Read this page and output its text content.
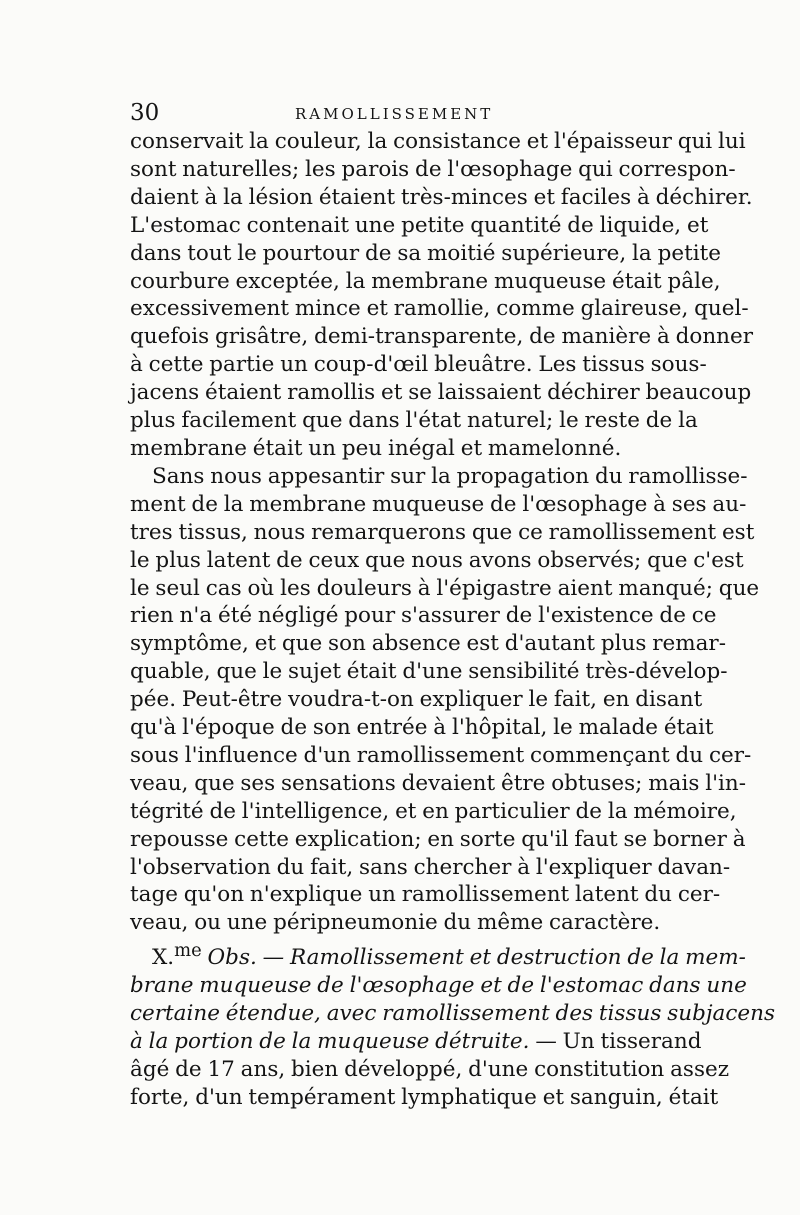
30	RAMOLLISSEMENT
conservait la couleur, la consistance et l'épaisseur qui lui
sont naturelles; les parois de l'œsophage qui correspon-
daient à la lésion étaient très-minces et faciles à déchirer.
L'estomac contenait une petite quantité de liquide, et
dans tout le pourtour de sa moitié supérieure, la petite
courbure exceptée, la membrane muqueuse était pâle,
excessivement mince et ramollie, comme glaireuse, quel-
quefois grisâtre, demi-transparente, de manière à donner
à cette partie un coup-d'œil bleuâtre. Les tissus sous-
jacens étaient ramollis et se laissaient déchirer beaucoup
plus facilement que dans l'état naturel; le reste de la
membrane était un peu inégal et mamelonné.
Sans nous appesantir sur la propagation du ramollisse-
ment de la membrane muqueuse de l'œsophage à ses au-
tres tissus, nous remarquerons que ce ramollissement est
le plus latent de ceux que nous avons observés; que c'est
le seul cas où les douleurs à l'épigastre aient manqué; que
rien n'a été négligé pour s'assurer de l'existence de ce
symptôme, et que son absence est d'autant plus remar-
quable, que le sujet était d'une sensibilité très-dévelop-
pée. Peut-être voudra-t-on expliquer le fait, en disant
qu'à l'époque de son entrée à l'hôpital, le malade était
sous l'influence d'un ramollissement commençant du cer-
veau, que ses sensations devaient être obtuses; mais l'in-
tégrité de l'intelligence, et en particulier de la mémoire,
repousse cette explication; en sorte qu'il faut se borner à
l'observation du fait, sans chercher à l'expliquer davan-
tage qu'on n'explique un ramollissement latent du cer-
veau, ou une péripneumonie du même caractère.
X.$^{me}$ Obs. — Ramollissement et destruction de la mem-
brane muqueuse de l'œsophage et de l'estomac dans une
certaine étendue, avec ramollissement des tissus subjacens
à la portion de la muqueuse détruite. — Un tisserand
âgé de 17 ans, bien développé, d'une constitution assez
forte, d'un tempérament lymphatique et sanguin, était
